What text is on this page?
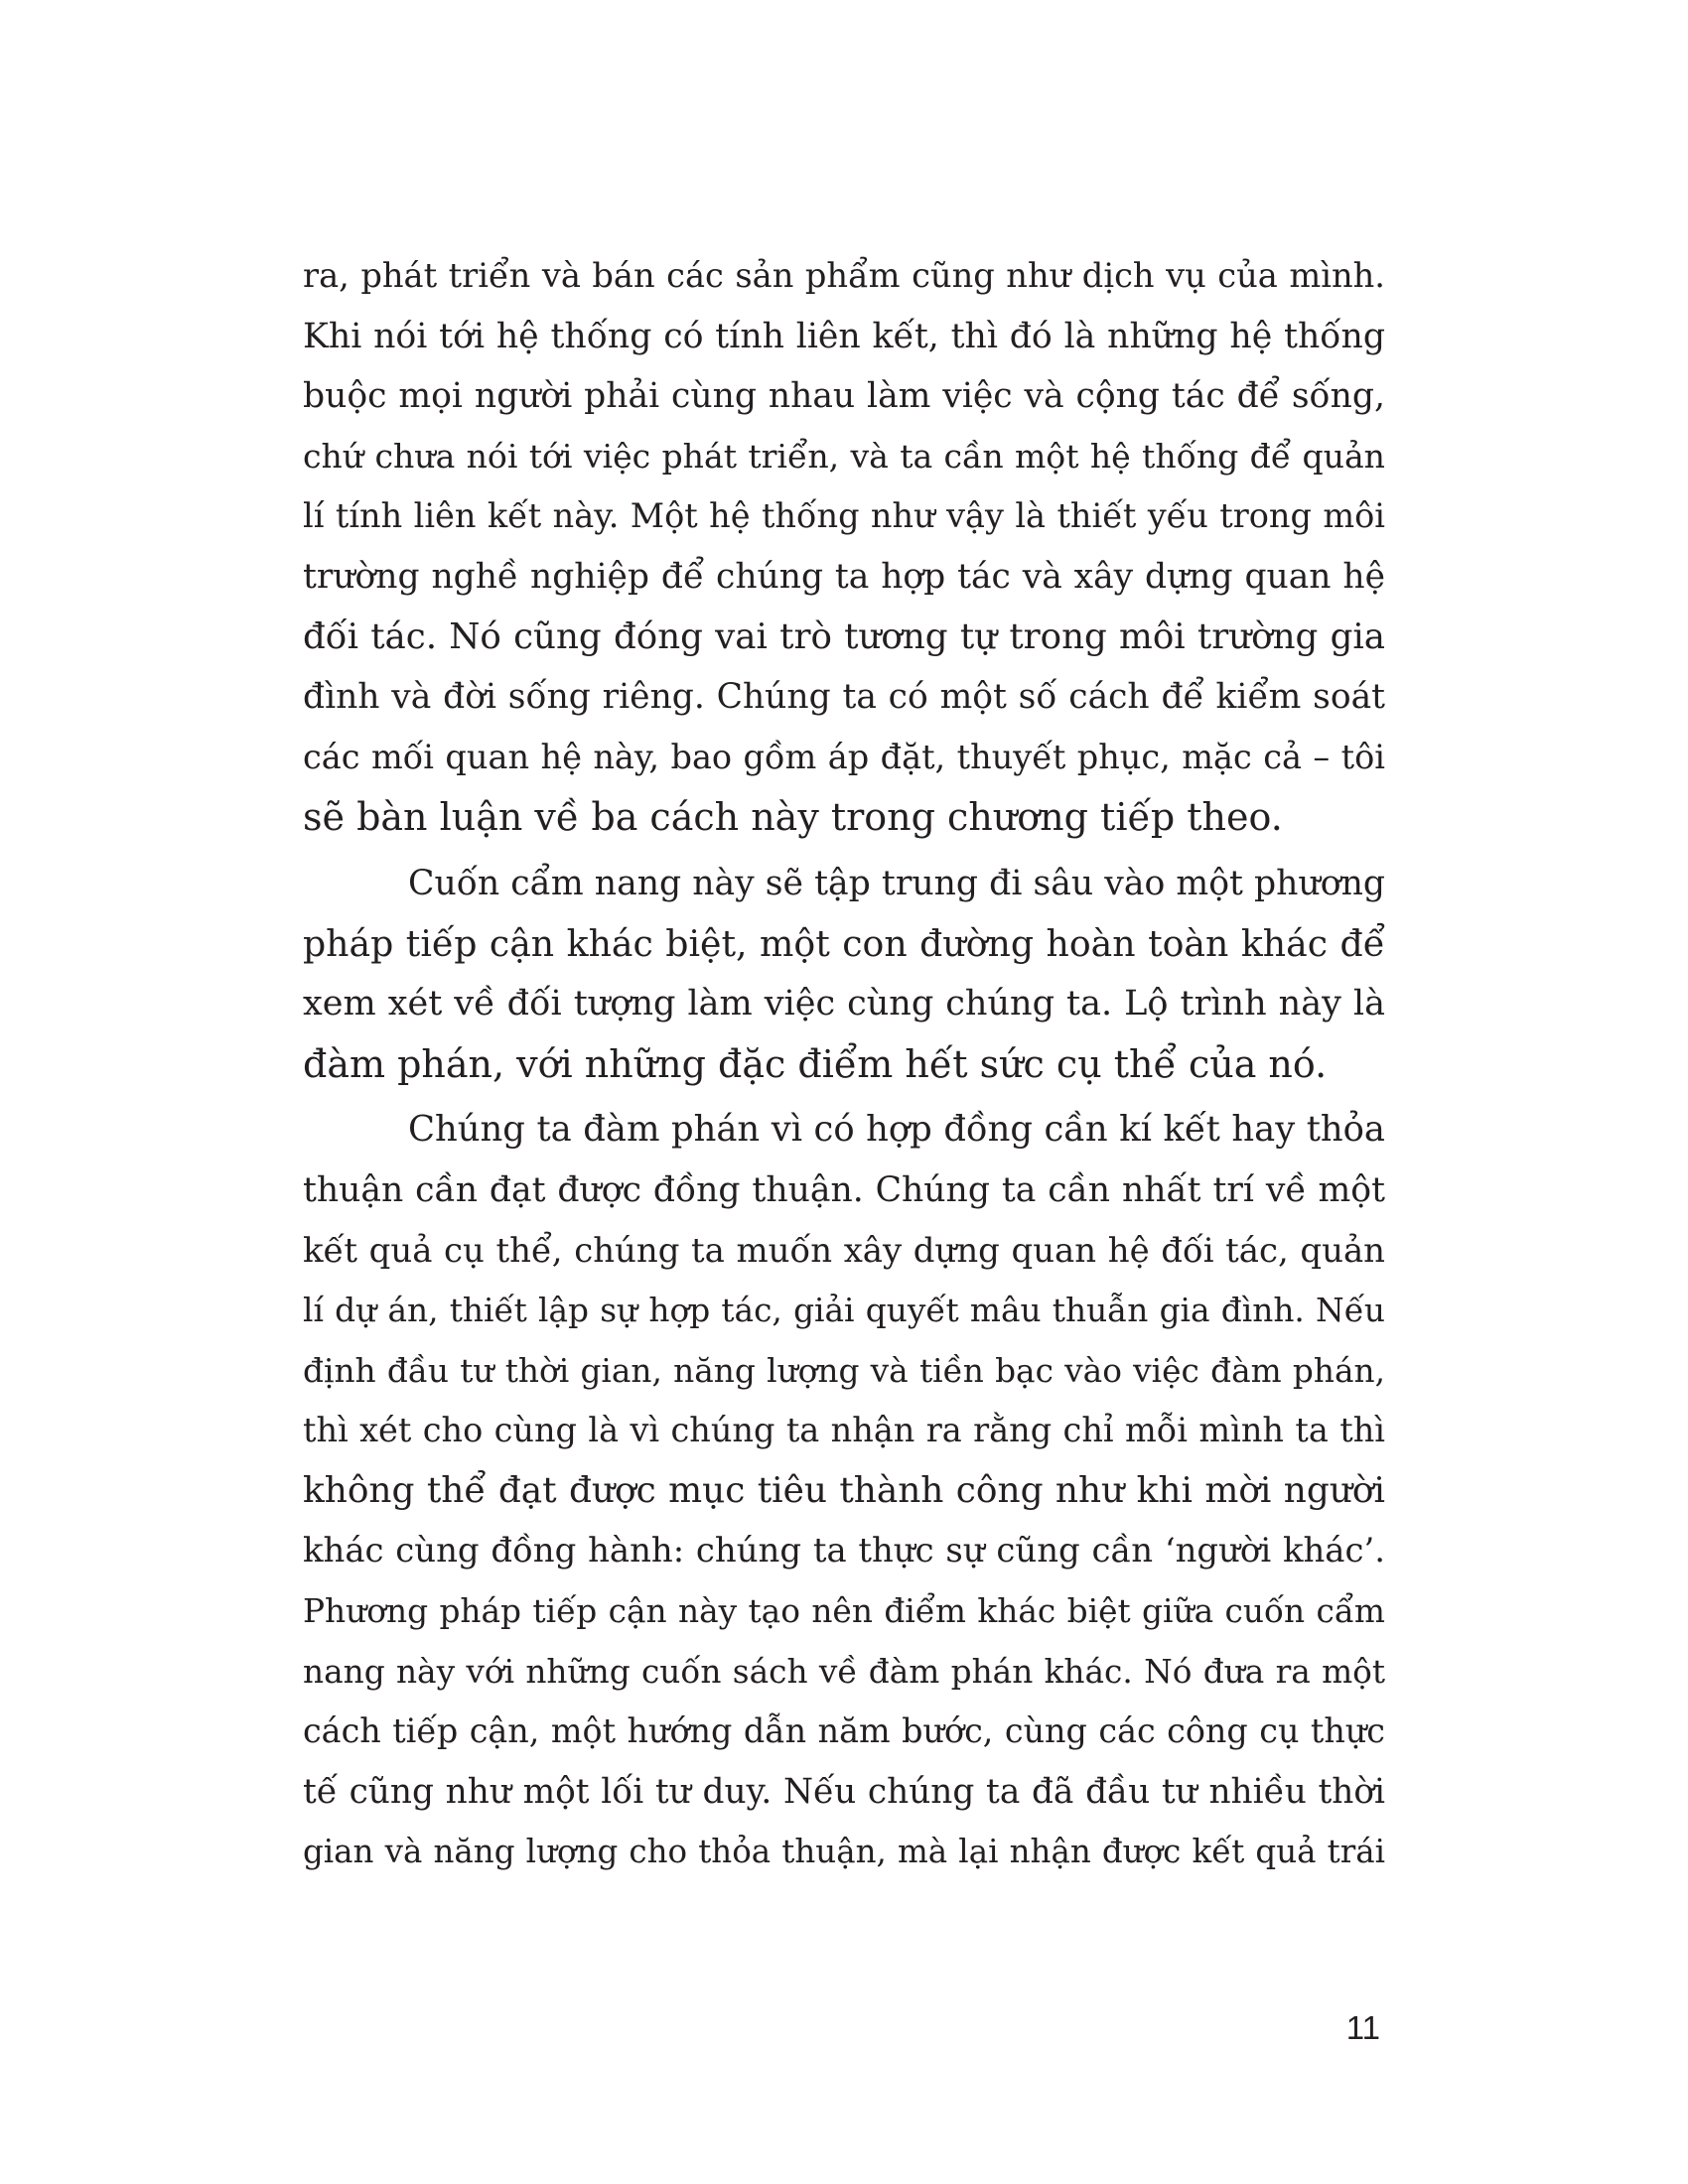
ra, phát triển và bán các sản phẩm cũng như dịch vụ của mình.
Khi nói tới hệ thống có tính liên kết, thì đó là những hệ thống
buộc mọi người phải cùng nhau làm việc và cộng tác để sống,
chứ chưa nói tới việc phát triển, và ta cần một hệ thống để quản
lí tính liên kết này. Một hệ thống như vậy là thiết yếu trong môi
trường nghề nghiệp để chúng ta hợp tác và xây dựng quan hệ
đối tác. Nó cũng đóng vai trò tương tự trong môi trường gia
đình và đời sống riêng. Chúng ta có một số cách để kiểm soát
các mối quan hệ này, bao gồm áp đặt, thuyết phục, mặc cả – tôi
sẽ bàn luận về ba cách này trong chương tiếp theo.
Cuốn cẩm nang này sẽ tập trung đi sâu vào một phương
pháp tiếp cận khác biệt, một con đường hoàn toàn khác để
xem xét về đối tượng làm việc cùng chúng ta. Lộ trình này là
đàm phán, với những đặc điểm hết sức cụ thể của nó.
Chúng ta đàm phán vì có hợp đồng cần kí kết hay thỏa
thuận cần đạt được đồng thuận. Chúng ta cần nhất trí về một
kết quả cụ thể, chúng ta muốn xây dựng quan hệ đối tác, quản
lí dự án, thiết lập sự hợp tác, giải quyết mâu thuẫn gia đình. Nếu
định đầu tư thời gian, năng lượng và tiền bạc vào việc đàm phán,
thì xét cho cùng là vì chúng ta nhận ra rằng chỉ mỗi mình ta thì
không thể đạt được mục tiêu thành công như khi mời người
khác cùng đồng hành: chúng ta thực sự cũng cần ‘người khác’.
Phương pháp tiếp cận này tạo nên điểm khác biệt giữa cuốn cẩm
nang này với những cuốn sách về đàm phán khác. Nó đưa ra một
cách tiếp cận, một hướng dẫn năm bước, cùng các công cụ thực
tế cũng như một lối tư duy. Nếu chúng ta đã đầu tư nhiều thời
gian và năng lượng cho thỏa thuận, mà lại nhận được kết quả trái
11
